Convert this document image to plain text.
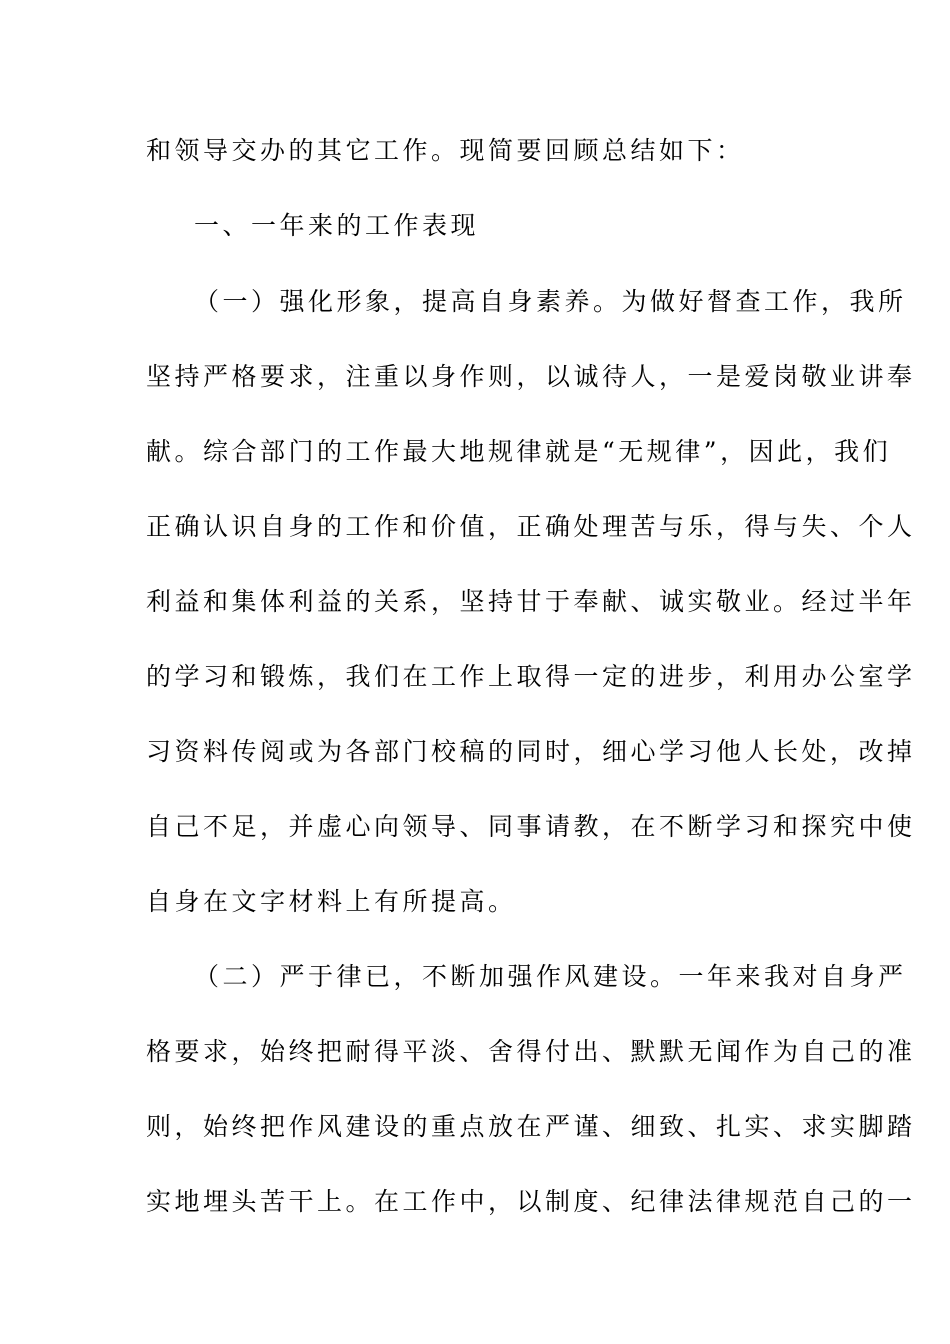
和领导交办的其它工作。现简要回顾总结如下：
一、一年来的工作表现
（一）强化形象，提高自身素养。为做好督查工作，我所
坚持严格要求，注重以身作则，以诚待人，一是爱岗敬业讲奉
献。综合部门的工作最大地规律就是“无规律”，因此，我们
正确认识自身的工作和价值，正确处理苦与乐，得与失、个人
利益和集体利益的关系，坚持甘于奉献、诚实敬业。经过半年
的学习和锻炼，我们在工作上取得一定的进步，利用办公室学
习资料传阅或为各部门校稿的同时，细心学习他人长处，改掉
自己不足，并虚心向领导、同事请教，在不断学习和探究中使
自身在文字材料上有所提高。
（二）严于律已，不断加强作风建设。一年来我对自身严
格要求，始终把耐得平淡、舍得付出、默默无闻作为自己的准
则，始终把作风建设的重点放在严谨、细致、扎实、求实脚踏
实地埋头苦干上。在工作中，以制度、纪律法律规范自己的一
